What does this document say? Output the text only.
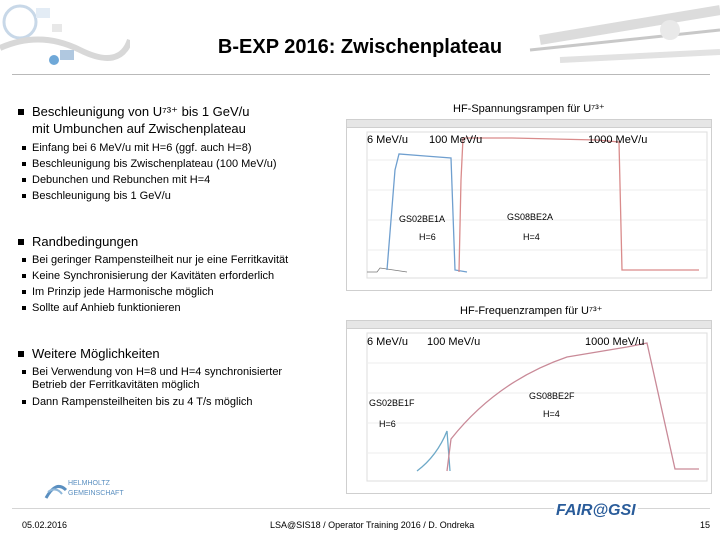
B-EXP 2016: Zwischenplateau
Beschleunigung von U⁷³⁺ bis 1 GeV/u
mit Umbunchen auf Zwischenplateau
Einfang bei 6 MeV/u mit H=6 (ggf. auch H=8)
Beschleunigung bis Zwischenplateau (100 MeV/u)
Debunchen und Rebunchen mit H=4
Beschleunigung bis 1 GeV/u
Randbedingungen
Bei geringer Rampensteilheit nur je eine Ferritkavität
Keine Synchronisierung der Kavitäten erforderlich
Im Prinzip jede Harmonische möglich
Sollte auf Anhieb funktionieren
Weitere Möglichkeiten
Bei Verwendung von H=8 und H=4 synchronisierter
Betrieb der Ferritkavitäten möglich
Dann Rampensteilheiten bis zu 4 T/s möglich
HF-Spannungsrampen für U⁷³⁺
6 MeV/u 100 MeV/u	1000 MeV/u
GS02BE1A	GS08BE2A
H=6	H=4
HF-Frequenzrampen für U⁷³⁺
6 MeV/u 100 MeV/u	1000 MeV/u
GS02BE1F
GS08BE2F
H=6
H=4
HELMHOLTZ
GEMEINSCHAFT
FAIR@GSI
05.02.2016	LSA@SIS18 / Operator Training 2016 / D. Ondreka	15
